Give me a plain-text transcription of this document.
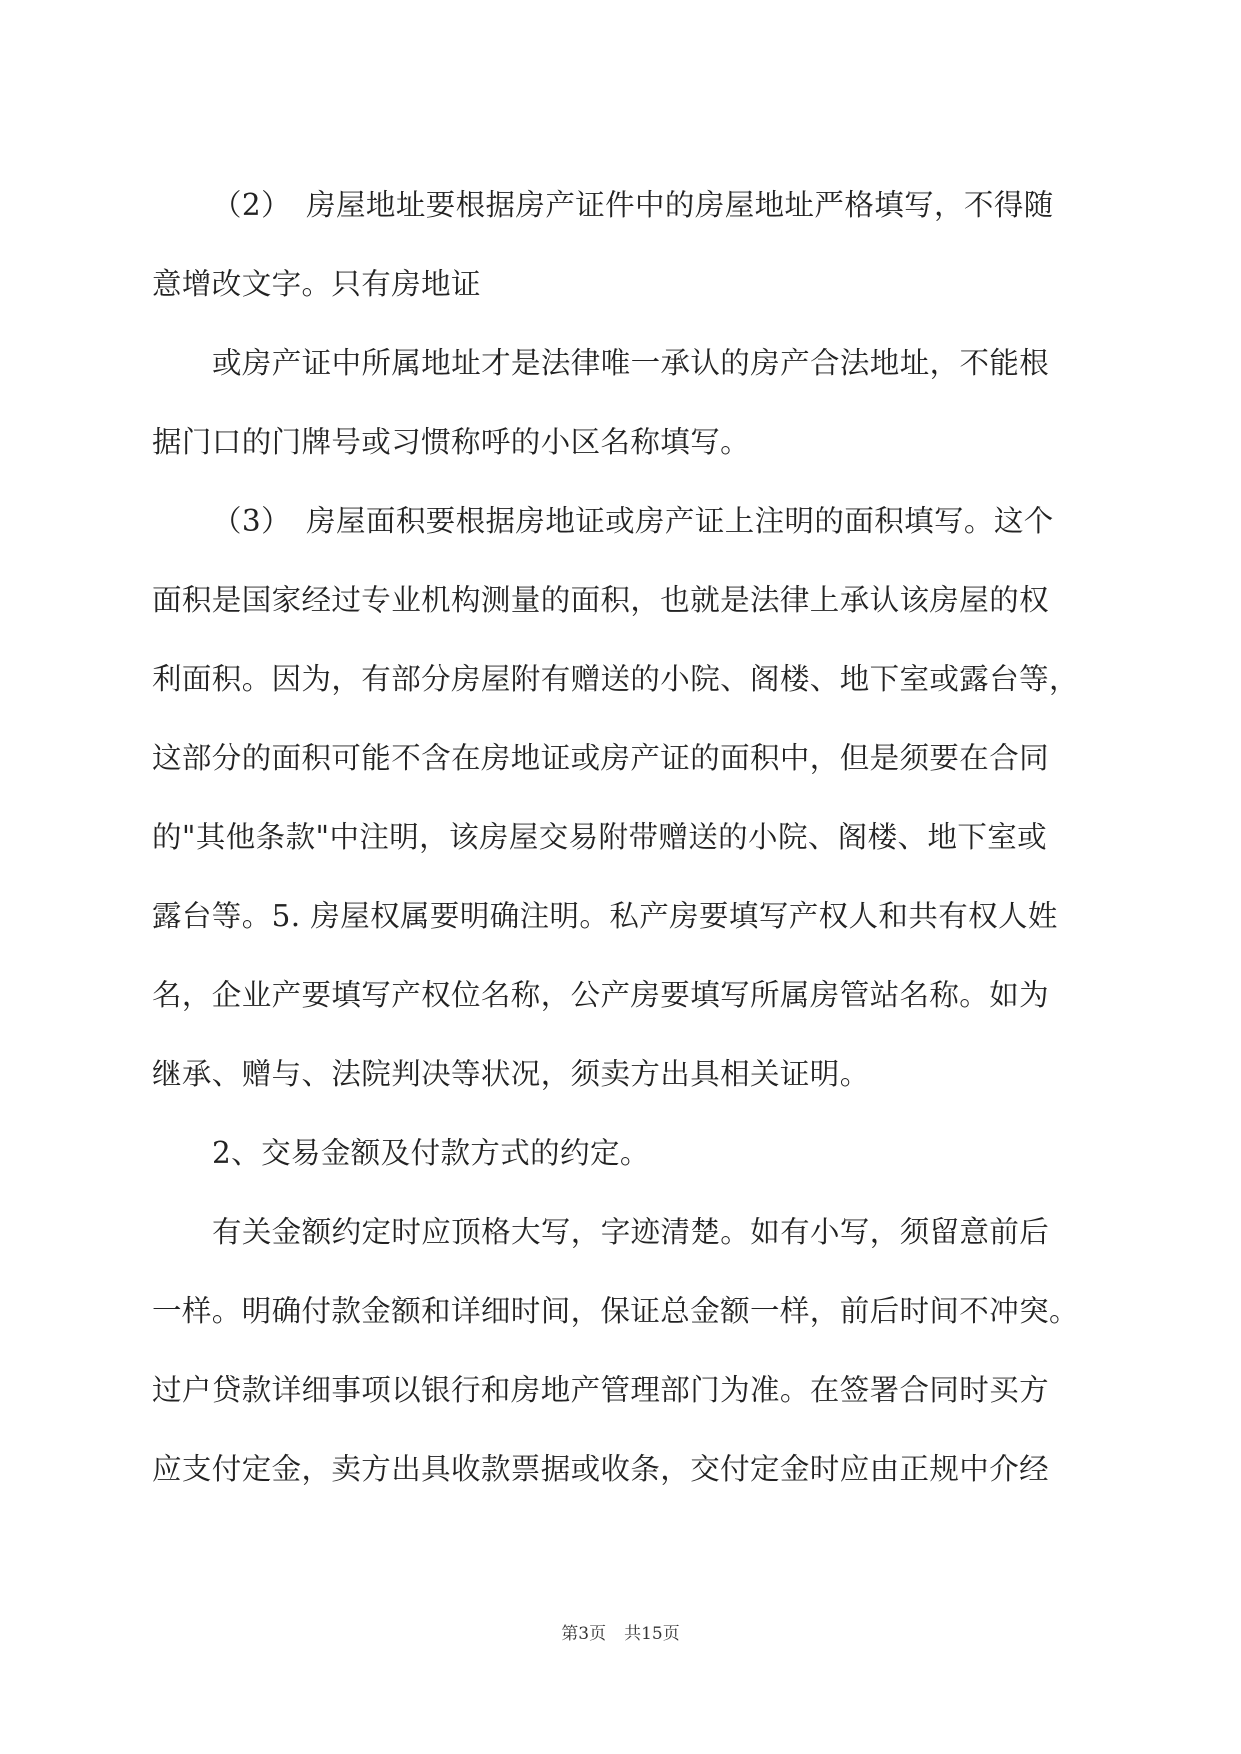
（2）　房屋地址要根据房产证件中的房屋地址严格填写，不得随
意增改文字。只有房地证
或房产证中所属地址才是法律唯一承认的房产合法地址，不能根
据门口的门牌号或习惯称呼的小区名称填写。
（3）　房屋面积要根据房地证或房产证上注明的面积填写。这个
面积是国家经过专业机构测量的面积，也就是法律上承认该房屋的权
利面积。因为，有部分房屋附有赠送的小院、阁楼、地下室或露台等，
这部分的面积可能不含在房地证或房产证的面积中，但是须要在合同
的"其他条款"中注明，该房屋交易附带赠送的小院、阁楼、地下室或
露台等。5. 房屋权属要明确注明。私产房要填写产权人和共有权人姓
名，企业产要填写产权位名称，公产房要填写所属房管站名称。如为
继承、赠与、法院判决等状况，须卖方出具相关证明。
2、交易金额及付款方式的约定。
有关金额约定时应顶格大写，字迹清楚。如有小写，须留意前后
一样。明确付款金额和详细时间，保证总金额一样，前后时间不冲突。
过户贷款详细事项以银行和房地产管理部门为准。在签署合同时买方
应支付定金，卖方出具收款票据或收条，交付定金时应由正规中介经
第3页 共15页
